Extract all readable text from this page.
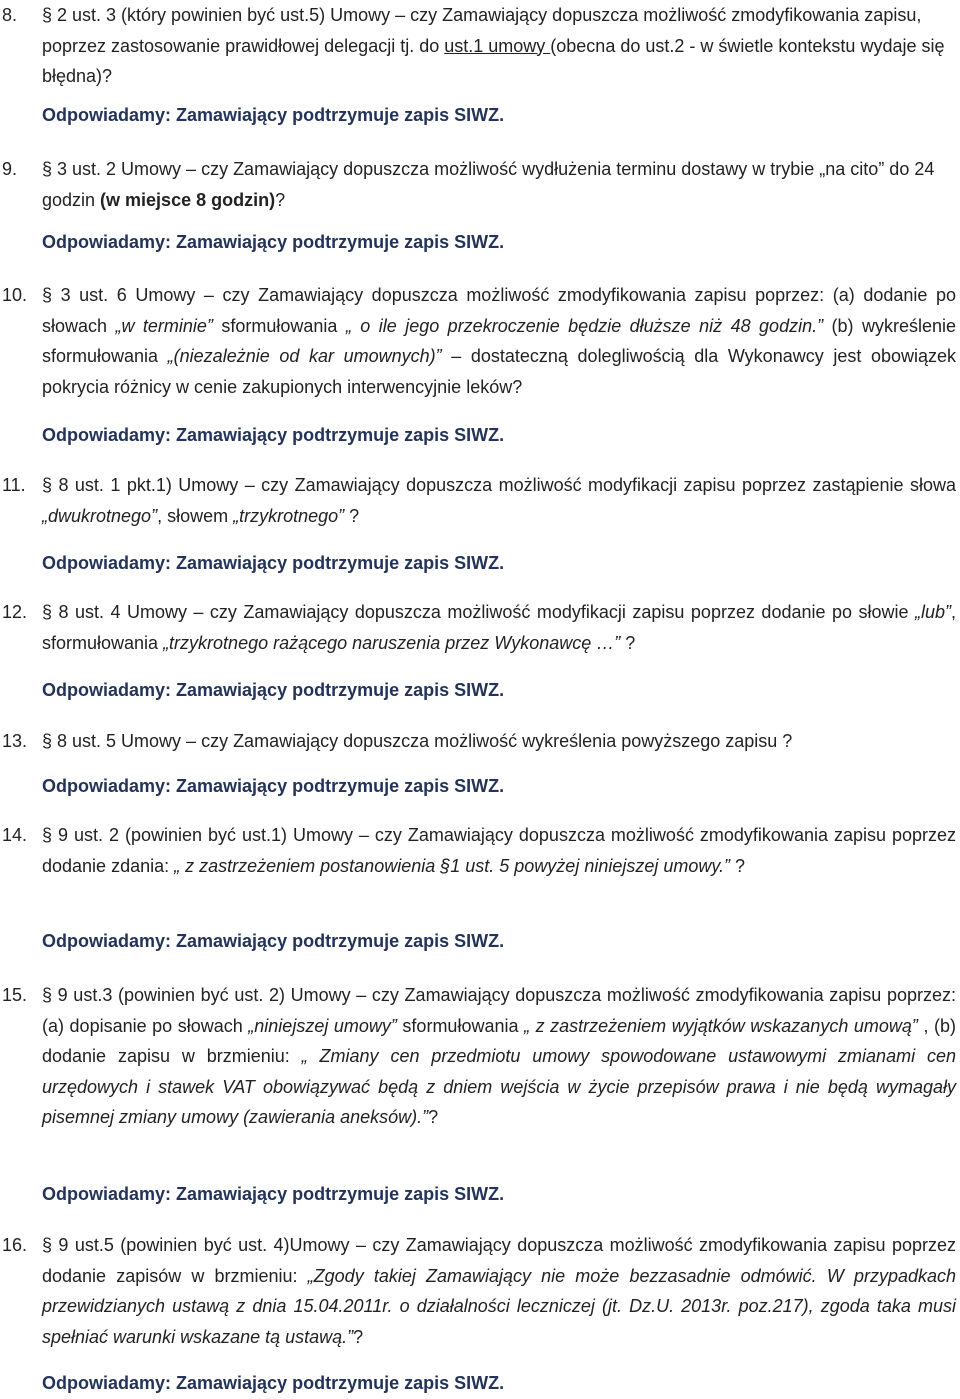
8. § 2 ust. 3 (który powinien być ust.5) Umowy – czy Zamawiający dopuszcza możliwość zmodyfikowania zapisu, poprzez zastosowanie prawidłowej delegacji tj. do ust.1 umowy (obecna do ust.2 - w świetle kontekstu wydaje się błędna)?
Odpowiadamy: Zamawiający podtrzymuje zapis SIWZ.
9. § 3 ust. 2 Umowy – czy Zamawiający dopuszcza możliwość wydłużenia terminu dostawy w trybie „na cito” do 24 godzin (w miejsce 8 godzin)?
Odpowiadamy: Zamawiający podtrzymuje zapis SIWZ.
10. § 3 ust. 6 Umowy – czy Zamawiający dopuszcza możliwość zmodyfikowania zapisu poprzez: (a) dodanie po słowach „w terminie” sformułowania „ o ile jego przekroczenie będzie dłuższe niż 48 godzin.” (b) wykreślenie sformułowania „(niezależnie od kar umownych)” – dostateczną dolegliwością dla Wykonawcy jest obowiązek pokrycia różnicy w cenie zakupionych interwencyjnie leków?
Odpowiadamy: Zamawiający podtrzymuje zapis SIWZ.
11. § 8 ust. 1 pkt.1) Umowy – czy Zamawiający dopuszcza możliwość modyfikacji zapisu poprzez zastąpienie słowa „dwukrotnego”, słowem „trzykrotnego” ?
Odpowiadamy: Zamawiający podtrzymuje zapis SIWZ.
12. § 8 ust. 4 Umowy – czy Zamawiający dopuszcza możliwość modyfikacji zapisu poprzez dodanie po słowie „lub”, sformułowania „trzykrotnego rażącego naruszenia przez Wykonawcę …” ?
Odpowiadamy: Zamawiający podtrzymuje zapis SIWZ.
13. § 8 ust. 5 Umowy – czy Zamawiający dopuszcza możliwość wykreślenia powyższego zapisu ?
Odpowiadamy: Zamawiający podtrzymuje zapis SIWZ.
14. § 9 ust. 2 (powinien być ust.1) Umowy – czy Zamawiający dopuszcza możliwość zmodyfikowania zapisu poprzez dodanie zdania: „ z zastrzeżeniem postanowienia §1 ust. 5 powyżej niniejszej umowy.” ?
Odpowiadamy: Zamawiający podtrzymuje zapis SIWZ.
15. § 9 ust.3 (powinien być ust. 2) Umowy – czy Zamawiający dopuszcza możliwość zmodyfikowania zapisu poprzez: (a) dopisanie po słowach „niniejszej umowy” sformułowania „ z zastrzeżeniem wyjątków wskazanych umową” , (b) dodanie zapisu w brzmieniu: „ Zmiany cen przedmiotu umowy spowodowane ustawowymi zmianami cen urzędowych i stawek VAT obowiązywać będą z dniem wejścia w życie przepisów prawa i nie będą wymagały pisemnej zmiany umowy (zawierania aneksów).”?
Odpowiadamy: Zamawiający podtrzymuje zapis SIWZ.
16. § 9 ust.5 (powinien być ust. 4)Umowy – czy Zamawiający dopuszcza możliwość zmodyfikowania zapisu poprzez dodanie zapisów w brzmieniu: „Zgody takiej Zamawiający nie może bezzasadnie odmówić. W przypadkach przewidzianych ustawą z dnia 15.04.2011r. o działalności leczniczej (jt. Dz.U. 2013r. poz.217), zgoda taka musi spełniać warunki wskazane tą ustawą.”?
Odpowiadamy: Zamawiający podtrzymuje zapis SIWZ.
